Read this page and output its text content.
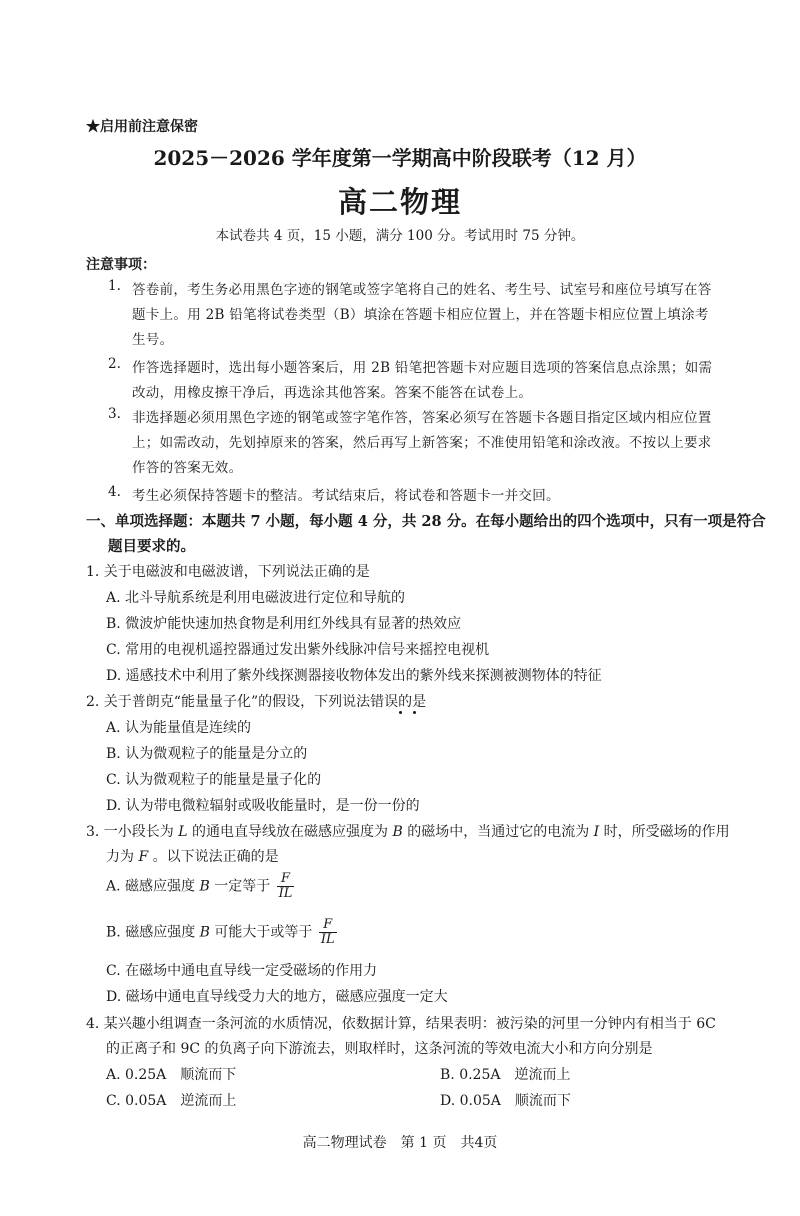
★启用前注意保密
2025－2026 学年度第一学期高中阶段联考（12 月）
高二物理
本试卷共 4 页，15 小题，满分 100 分。考试用时 75 分钟。
注意事项：
1. 答卷前，考生务必用黑色字迹的钢笔或签字笔将自己的姓名、考生号、试室号和座位号填写在答
题卡上。用 2B 铅笔将试卷类型（B）填涂在答题卡相应位置上，并在答题卡相应位置上填涂考
生号。
2. 作答选择题时，选出每小题答案后，用 2B 铅笔把答题卡对应题目选项的答案信息点涂黑；如需
改动，用橡皮擦干净后，再选涂其他答案。答案不能答在试卷上。
3. 非选择题必须用黑色字迹的钢笔或签字笔作答，答案必须写在答题卡各题目指定区域内相应位置
上；如需改动，先划掉原来的答案，然后再写上新答案；不准使用铅笔和涂改液。不按以上要求
作答的答案无效。
4. 考生必须保持答题卡的整洁。考试结束后，将试卷和答题卡一并交回。
一、单项选择题：本题共 7 小题，每小题 4 分，共 28 分。在每小题给出的四个选项中，只有一项是符合
题目要求的。
1. 关于电磁波和电磁波谱，下列说法正确的是
A. 北斗导航系统是利用电磁波进行定位和导航的
B. 微波炉能快速加热食物是利用红外线具有显著的热效应
C. 常用的电视机遥控器通过发出紫外线脉冲信号来摇控电视机
D. 遥感技术中利用了紫外线探测器接收物体发出的紫外线来探测被测物体的特征
2. 关于普朗克“能量量子化”的假设，下列说法错误的是
A. 认为能量值是连续的
B. 认为微观粒子的能量是分立的
C. 认为微观粒子的能量是量子化的
D. 认为带电微粒辐射或吸收能量时，是一份一份的
3. 一小段长为 L 的通电直导线放在磁感应强度为 B 的磁场中，当通过它的电流为 I 时，所受磁场的作用
力为 F 。以下说法正确的是
A. 磁感应强度 B 一定等于 $\frac{F}{IL}$
B. 磁感应强度 B 可能大于或等于 $\frac{F}{IL}$
C. 在磁场中通电直导线一定受磁场的作用力
D. 磁场中通电直导线受力大的地方，磁感应强度一定大
4. 某兴趣小组调查一条河流的水质情况，依数据计算，结果表明：被污染的河里一分钟内有相当于 6C
的正离子和 9C 的负离子向下游流去，则取样时，这条河流的等效电流大小和方向分别是
A. 0.25A　顺流而下	B. 0.25A　逆流而上
C. 0.05A　逆流而上	D. 0.05A　顺流而下
高二物理试卷　第 1 页　共4页
